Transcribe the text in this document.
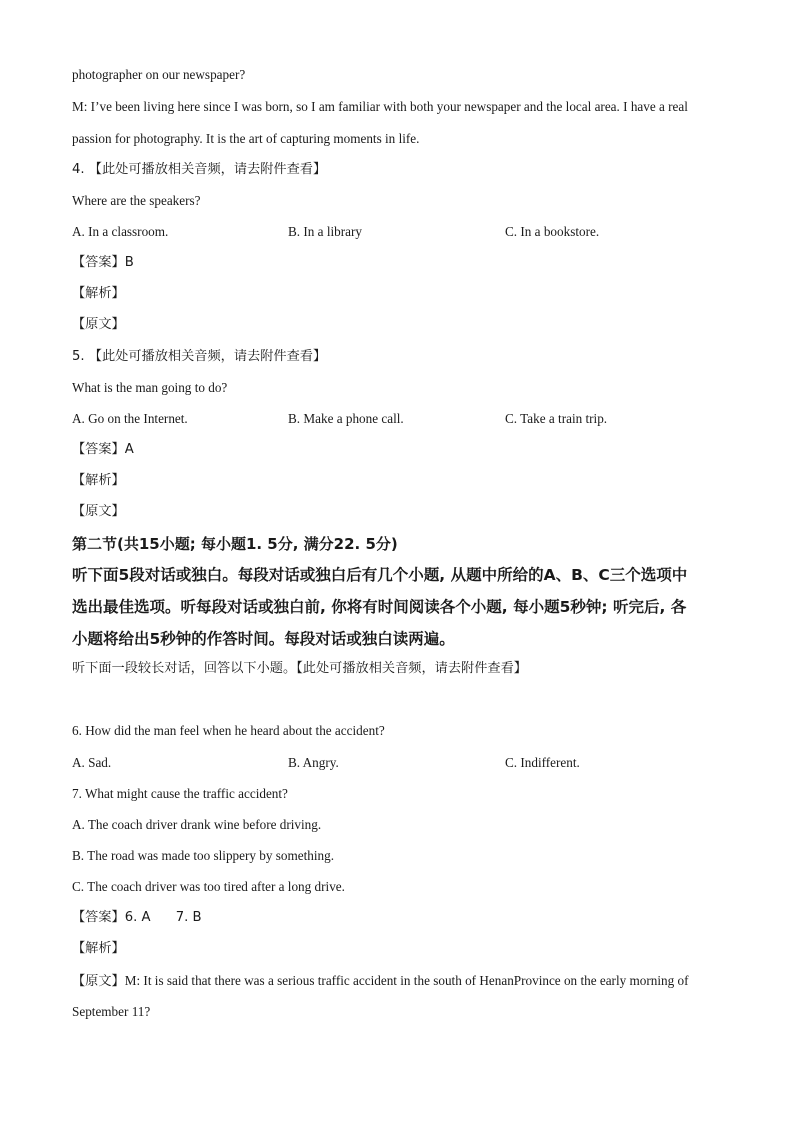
photographer on our newspaper?
M: I’ve been living here since I was born, so I am familiar with both your newspaper and the local area. I have a real
passion for photography. It is the art of capturing moments in life.
4. 【此处可播放相关音频，请去附件查看】
Where are the speakers?
A. In a classroom.	B. In a library	C. In a bookstore.
【答案】B
【解析】
【原文】
5. 【此处可播放相关音频，请去附件查看】
What is the man going to do?
A. Go on the Internet.	B. Make a phone call.	C. Take a train trip.
【答案】A
【解析】
【原文】
第二节(共15小题; 每小题1. 5分, 满分22. 5分)
听下面5段对话或独白。每段对话或独白后有几个小题, 从题中所给的A、B、C三个选项中
选出最佳选项。听每段对话或独白前, 你将有时间阅读各个小题, 每小题5秒钟; 听完后, 各
小题将给出5秒钟的作答时间。每段对话或独白读两遍。
听下面一段较长对话，回答以下小题。【此处可播放相关音频，请去附件查看】
6. How did the man feel when he heard about the accident?
A. Sad.	B. Angry.	C. Indifferent.
7. What might cause the traffic accident?
A. The coach driver drank wine before driving.
B. The road was made too slippery by something.
C. The coach driver was too tired after a long drive.
【答案】6. A      7. B
【解析】
【原文】M: It is said that there was a serious traffic accident in the south of HenanProvince on the early morning of
September 11?
